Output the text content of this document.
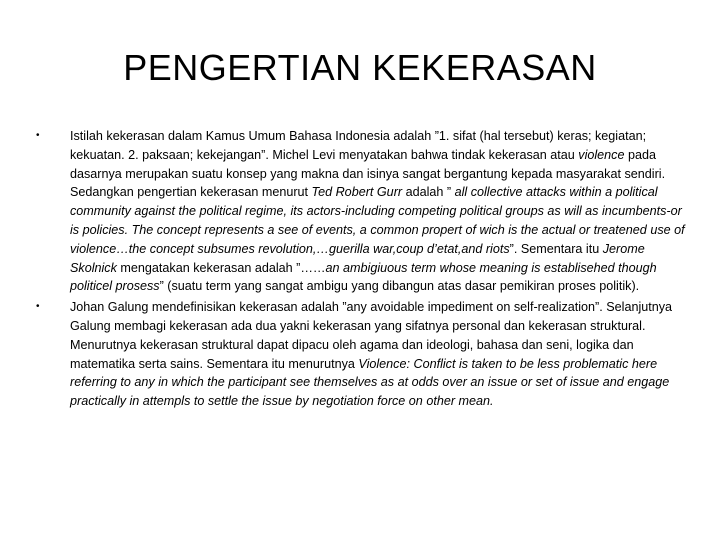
PENGERTIAN KEKERASAN
•	Istilah kekerasan dalam Kamus Umum Bahasa Indonesia adalah ”1. sifat (hal tersebut) keras; kegiatan; kekuatan. 2. paksaan; kekejangan”. Michel Levi menyatakan bahwa tindak kekerasan atau violence pada dasarnya merupakan suatu konsep yang makna dan isinya sangat bergantung kepada masyarakat sendiri. Sedangkan pengertian kekerasan menurut Ted Robert Gurr adalah ” all collective attacks within a political community against the political regime, its actors-including competing political groups as will as incumbents-or is policies. The concept represents a see of events, a common propert of wich is the actual or treatened use of violence…the concept subsumes revolution,…guerilla war,coup d’etat,and riots”. Sementara itu Jerome Skolnick mengatakan kekerasan adalah ”……an ambigiuous term whose meaning is establisehed though politicel prosess” (suatu term yang sangat ambigu yang dibangun atas dasar pemikiran proses politik).
•	Johan Galung mendefinisikan kekerasan adalah ”any avoidable impediment on self-realization”. Selanjutnya Galung membagi kekerasan ada dua yakni kekerasan yang sifatnya personal dan kekerasan struktural. Menurutnya kekerasan struktural dapat dipacu oleh agama dan ideologi, bahasa dan seni, logika dan matematika serta sains. Sementara itu menurutnya Violence: Conflict is taken to be less problematic here referring to any in which the participant see themselves as at odds over an issue or set of issue and engage practically in attempls to settle the issue by negotiation force on other mean.
